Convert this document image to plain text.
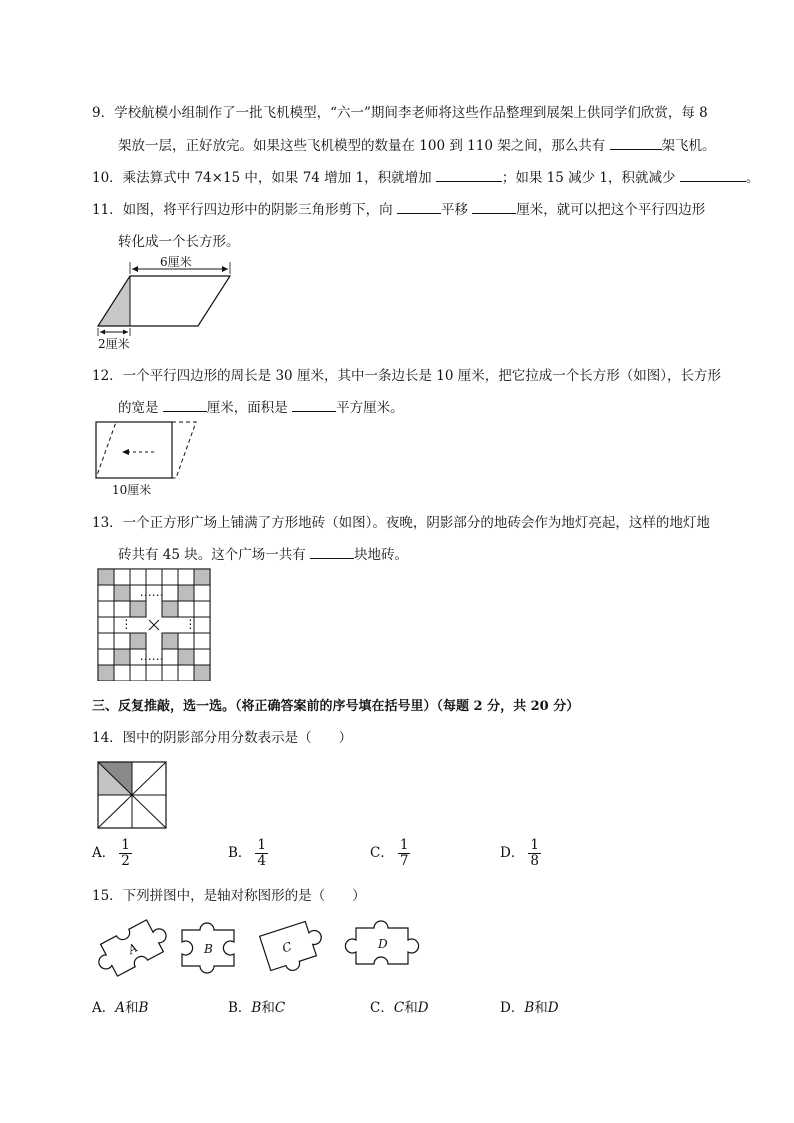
9．学校航模小组制作了一批飞机模型，“六一”期间李老师将这些作品整理到展架上供同学们欣赏，每 8
架放一层，正好放完。如果这些飞机模型的数量在 100 到 110 架之间，那么共有	架飞机。
10．乘法算式中 74×15 中，如果 74 增加 1，积就增加	；如果 15 减少 1，积就减少	。
11．如图，将平行四边形中的阴影三角形剪下，向	平移	厘米，就可以把这个平行四边形
转化成一个长方形。
6厘米
2厘米
12．一个平行四边形的周长是 30 厘米，其中一条边长是 10 厘米，把它拉成一个长方形（如图），长方形
的宽是	厘米，面积是	平方厘米。
10厘米
13．一个正方形广场上铺满了方形地砖（如图）。夜晚，阴影部分的地砖会作为地灯亮起，这样的地灯地
砖共有 45 块。这个广场一共有	块地砖。
……
……
⋮	⋮
三、反复推敲，选一选。（将正确答案前的序号填在括号里）（每题 2 分，共 20 分）
14．图中的阴影部分用分数表示是（　　）
A． $\frac{1}{2}$	B． $\frac{1}{4}$	C． $\frac{1}{7}$	D． $\frac{1}{8}$
15．下列拼图中，是轴对称图形的是（　　）
A	B	C	D
A．A和B	B．B和C	C．C和D	D．B和D
